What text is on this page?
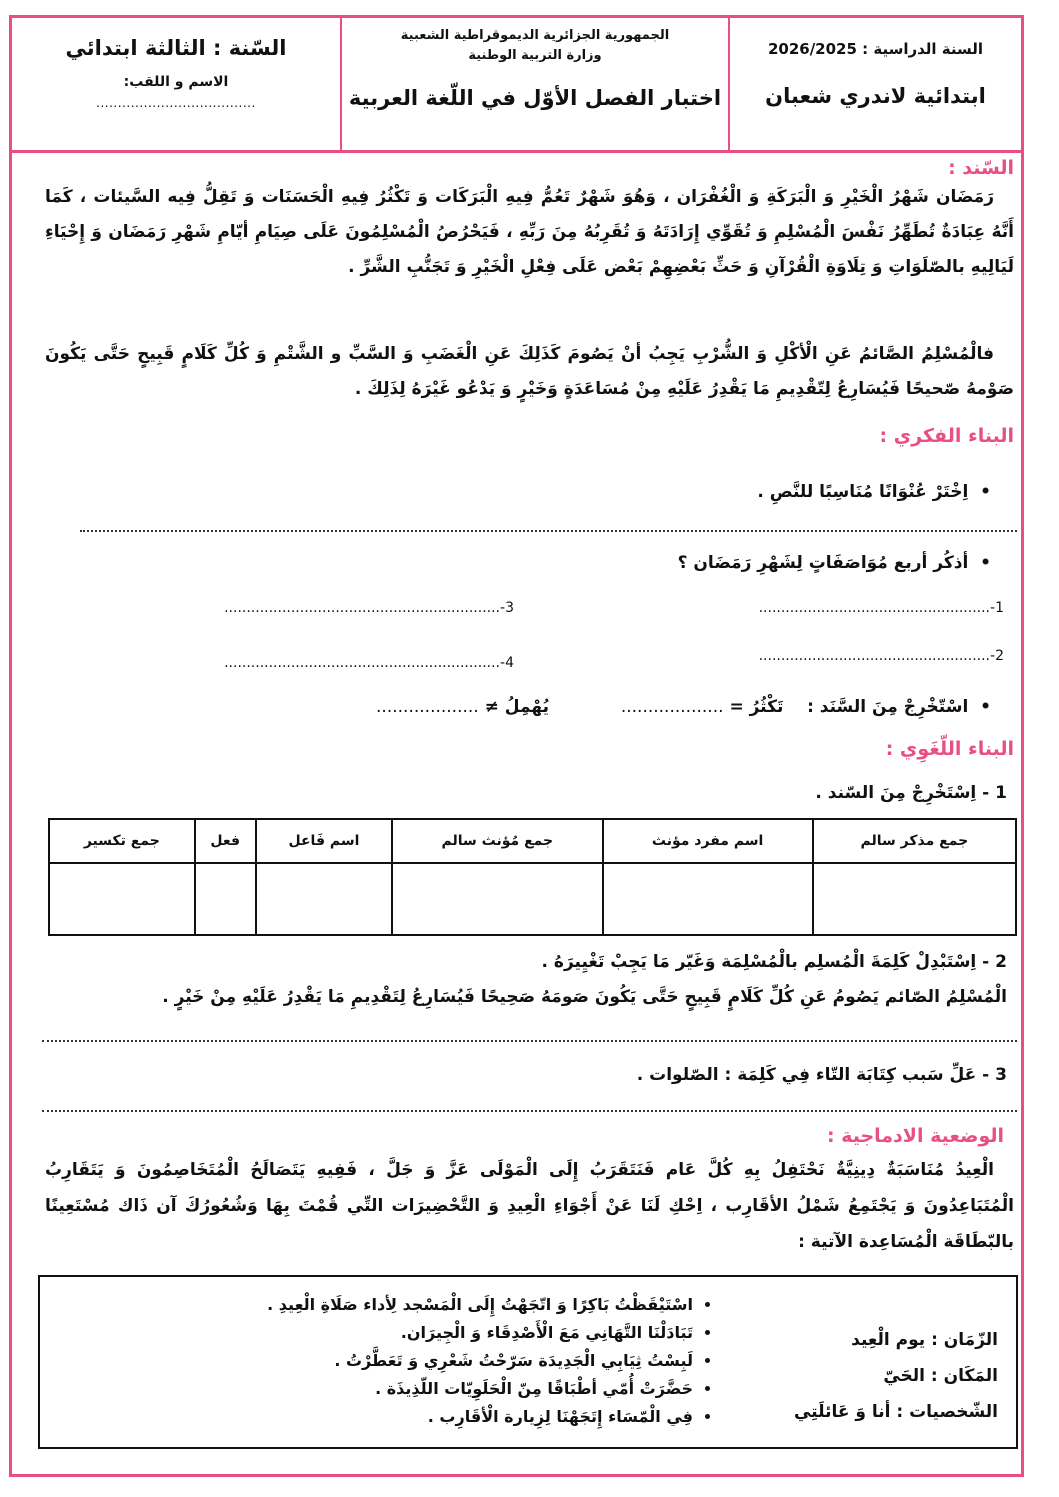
السنة الدراسية : 2026/2025
ابتدائية لاندري شعبان
الجمهورية الجزائرية الديموقراطية الشعبية
وزارة التربية الوطنية
اختبار الفصل الأوّل في اللّغة العربية
السّنة : الثالثة ابتدائي
الاسم و اللقب:
.....................................
السّند :
رَمَضَان شَهْرُ الْخَيْرِ وَ الْبَرَكَةِ وَ الْغُفْرَان ، وَهُوَ شَهْرٌ تَعُمُّ فِيهِ الْبَرَكَات وَ تَكْثُرُ فِيهِ الْحَسَنَات وَ تَقِلُّ فِيه السَّيئات ، كَمَا أَنَّهُ عِبَادَةٌ تُطَهِّرُ نَفْسَ الْمُسْلِمِ وَ تُقَوِّي إِرَادَتَهُ وَ تُقَرِبُهُ مِنَ رَبِّهِ ، فَيَحْرُصُ الْمُسْلِمُونَ عَلَى صِيَامِ أيّامِ شَهْرِ رَمَضَان وَ إِحْيَاءِ لَيَالِيهِ بالصّلَوَاتِ وَ تِلَاوَةِ الْقُرْآنِ وَ حَثِّ بَعْضِهِمْ بَعْض عَلَى فِعْلِ الْخَيْرِ وَ تَجَنُّبِ الشَّرِّ .
فالْمُسْلِمُ الصَّائمُ عَنِ الْأكْلِ وَ الشُّرْبِ يَجِبُ أنْ يَصُومَ كَذَلِكَ عَنِ الْغَضَبِ وَ السَّبِّ و الشَّتْمِ وَ كُلِّ كَلَامٍ قَبِيحٍ حَتَّى يَكُونَ صَوْمهُ صّحيحًا فَيُسَارِعُ لِتّقْدِيمِ مَا يَقْدِرُ عَلَيْهِ مِنْ مُسَاعَدَةٍ وَخَيْرٍ وَ يَدْعُو غَيْرَهُ لِذَلِكَ .
البناء الفكري :
•  اِخْتَرْ عُنْوَانًا مُنَاسِبًا للنَّصِ .
•  أذكُر أربع مُوَاصَفَاتٍ لِشَهْرِ رَمَضَان ؟
1-....................................................
2-....................................................
3-..............................................................
4-..............................................................
•  اسْتّخْرِجْ مِنَ السَّنَد :    تَكْثُرُ = ...................  يُهْمِلُ ≠ ...................
البناء اللّغَوِي :
1 - اِسْتَخْرِجْ مِنَ السّند .
جمع مذكر سالم	اسم مفرد مؤنث	جمع مُؤنث سالم	اسم فَاعل	فعل	جمع تكسير

2 - اِسْتَبْدِلْ كَلِمَةَ الْمُسلِم بالْمُسْلِمَة وَغَيّر مَا يَجِبْ تَغْيِيرَهُ .
الْمُسْلِمُ الصّائم يَصُومُ عَنِ كُلِّ كَلَامٍ قَبِيحٍ حَتَّى يَكُونَ صَومَهُ صَحِيحًا فَيُسَارِعُ لِتَقْدِيمِ مَا يَقْدِرُ عَلَيْهِ مِنْ خَيْرٍ .
3 - عَلِّ سَبب كِتَابَة التّاء فِي كَلِمَة : الصّلوات .
الوضعية الادماجية :
الْعِيدُ مُنَاسَبَةٌ دِينِيَّةٌ نَحْتَفِلُ بِهِ كُلَّ عَام فَنَتَقَرَبُ إِلَى الْمَوْلَى عَزَّ وَ جَلَّ ، فَفِيهِ يَتَصَالَحُ الْمُتَخَاصِمُونَ وَ يَتَقَارِبُ الْمُتَبَاعِدُونَ وَ يَجْتَمِعُ شَمْلُ الأقَارِب ، اِحْكِ لَنَا عَنْ أَجْوَاءِ الْعِيدِ وَ التَّحْضِيرَات التِّي قُمْتَ بِهَا وَشُعُورُكَ آن ذَاك مُسْتَعِينًا بالبّطَاقَة الْمُسَاعِدة الآتية :
الزّمَان : يوم الْعِيد
المَكَان : الحَيّ
الشّخصيات : أنا وَ عَائلَتِي
• اسْتَيْقَظْتُ بَاكِرًا وَ اتّجَهْتُ إِلَى الْمَسْجد لِأداء صَلَاةِ الْعِيدِ .
• تَبَادَلْنَا التَّهَانِي مَعَ الْأَصْدِقَاء وَ الْجِيرَان.
• لَبِسْتُ ثِيَابِي الْجَدِيدَة سَرّحْتُ شَعْرِي وَ تَعَطَّرْتُ .
• حَضَّرَتْ أُمّي أطْبَاقًا مِنّ الْحَلَوِيّات اللّذِيذَة .
• فِي الْمّسَاء إِتَجَهْنَا لِزِيارة الْأقَارِب .
